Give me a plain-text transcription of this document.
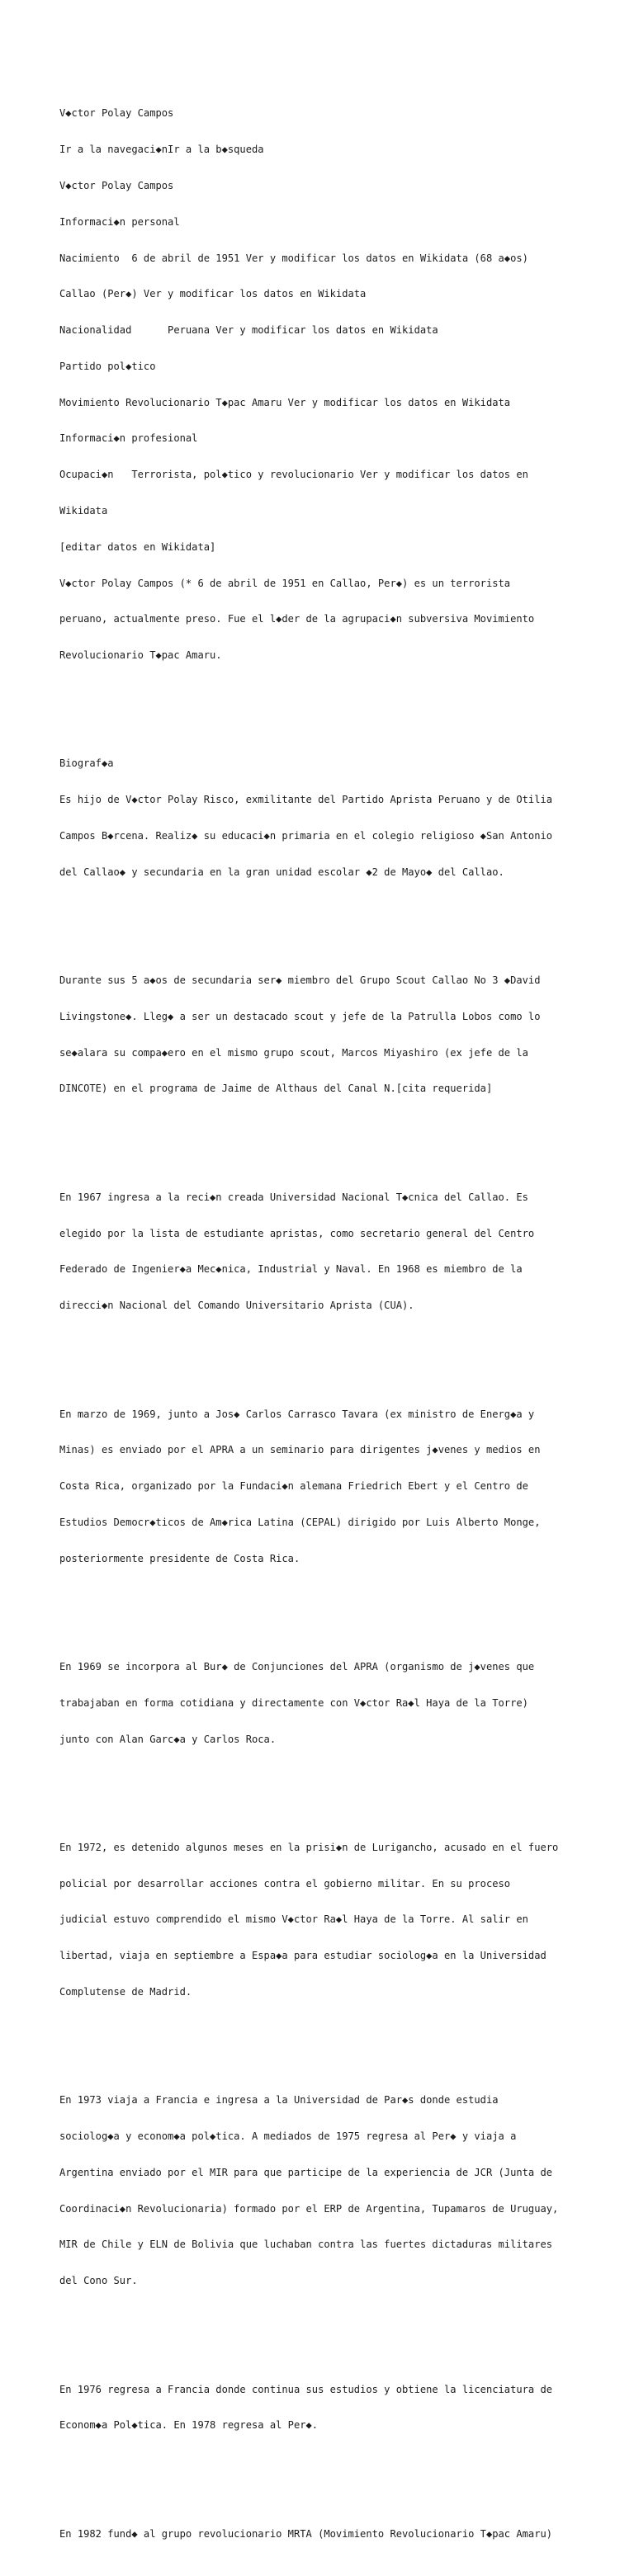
V◆ctor Polay Campos

Ir a la navegaci◆nIr a la b◆squeda

V◆ctor Polay Campos

Informaci◆n personal

Nacimiento  6 de abril de 1951 Ver y modificar los datos en Wikidata (68 a◆os)

Callao (Per◆) Ver y modificar los datos en Wikidata

Nacionalidad      Peruana Ver y modificar los datos en Wikidata

Partido pol◆tico

Movimiento Revolucionario T◆pac Amaru Ver y modificar los datos en Wikidata

Informaci◆n profesional

Ocupaci◆n   Terrorista, pol◆tico y revolucionario Ver y modificar los datos en

Wikidata

[editar datos en Wikidata]

V◆ctor Polay Campos (* 6 de abril de 1951 en Callao, Per◆) es un terrorista

peruano, actualmente preso. Fue el l◆der de la agrupaci◆n subversiva Movimiento

Revolucionario T◆pac Amaru.

Biograf◆a

Es hijo de V◆ctor Polay Risco, exmilitante del Partido Aprista Peruano y de Otilia

Campos B◆rcena. Realiz◆ su educaci◆n primaria en el colegio religioso ◆San Antonio

del Callao◆ y secundaria en la gran unidad escolar ◆2 de Mayo◆ del Callao.

Durante sus 5 a◆os de secundaria ser◆ miembro del Grupo Scout Callao No 3 ◆David

Livingstone◆. Lleg◆ a ser un destacado scout y jefe de la Patrulla Lobos como lo

se◆alara su compa◆ero en el mismo grupo scout, Marcos Miyashiro (ex jefe de la

DINCOTE) en el programa de Jaime de Althaus del Canal N.[cita requerida]

En 1967 ingresa a la reci◆n creada Universidad Nacional T◆cnica del Callao. Es

elegido por la lista de estudiante apristas, como secretario general del Centro

Federado de Ingenier◆a Mec◆nica, Industrial y Naval. En 1968 es miembro de la

direcci◆n Nacional del Comando Universitario Aprista (CUA).

En marzo de 1969, junto a Jos◆ Carlos Carrasco Tavara (ex ministro de Energ◆a y

Minas) es enviado por el APRA a un seminario para dirigentes j◆venes y medios en

Costa Rica, organizado por la Fundaci◆n alemana Friedrich Ebert y el Centro de

Estudios Democr◆ticos de Am◆rica Latina (CEPAL) dirigido por Luis Alberto Monge,

posteriormente presidente de Costa Rica.

En 1969 se incorpora al Bur◆ de Conjunciones del APRA (organismo de j◆venes que

trabajaban en forma cotidiana y directamente con V◆ctor Ra◆l Haya de la Torre)

junto con Alan Garc◆a y Carlos Roca.

En 1972, es detenido algunos meses en la prisi◆n de Lurigancho, acusado en el fuero

policial por desarrollar acciones contra el gobierno militar. En su proceso

judicial estuvo comprendido el mismo V◆ctor Ra◆l Haya de la Torre. Al salir en

libertad, viaja en septiembre a Espa◆a para estudiar sociolog◆a en la Universidad

Complutense de Madrid.

En 1973 viaja a Francia e ingresa a la Universidad de Par◆s donde estudia

sociolog◆a y econom◆a pol◆tica. A mediados de 1975 regresa al Per◆ y viaja a

Argentina enviado por el MIR para que participe de la experiencia de JCR (Junta de

Coordinaci◆n Revolucionaria) formado por el ERP de Argentina, Tupamaros de Uruguay,

MIR de Chile y ELN de Bolivia que luchaban contra las fuertes dictaduras militares

del Cono Sur.

En 1976 regresa a Francia donde continua sus estudios y obtiene la licenciatura de

Econom◆a Pol◆tica. En 1978 regresa al Per◆.

En 1982 fund◆ al grupo revolucionario MRTA (Movimiento Revolucionario T◆pac Amaru)
